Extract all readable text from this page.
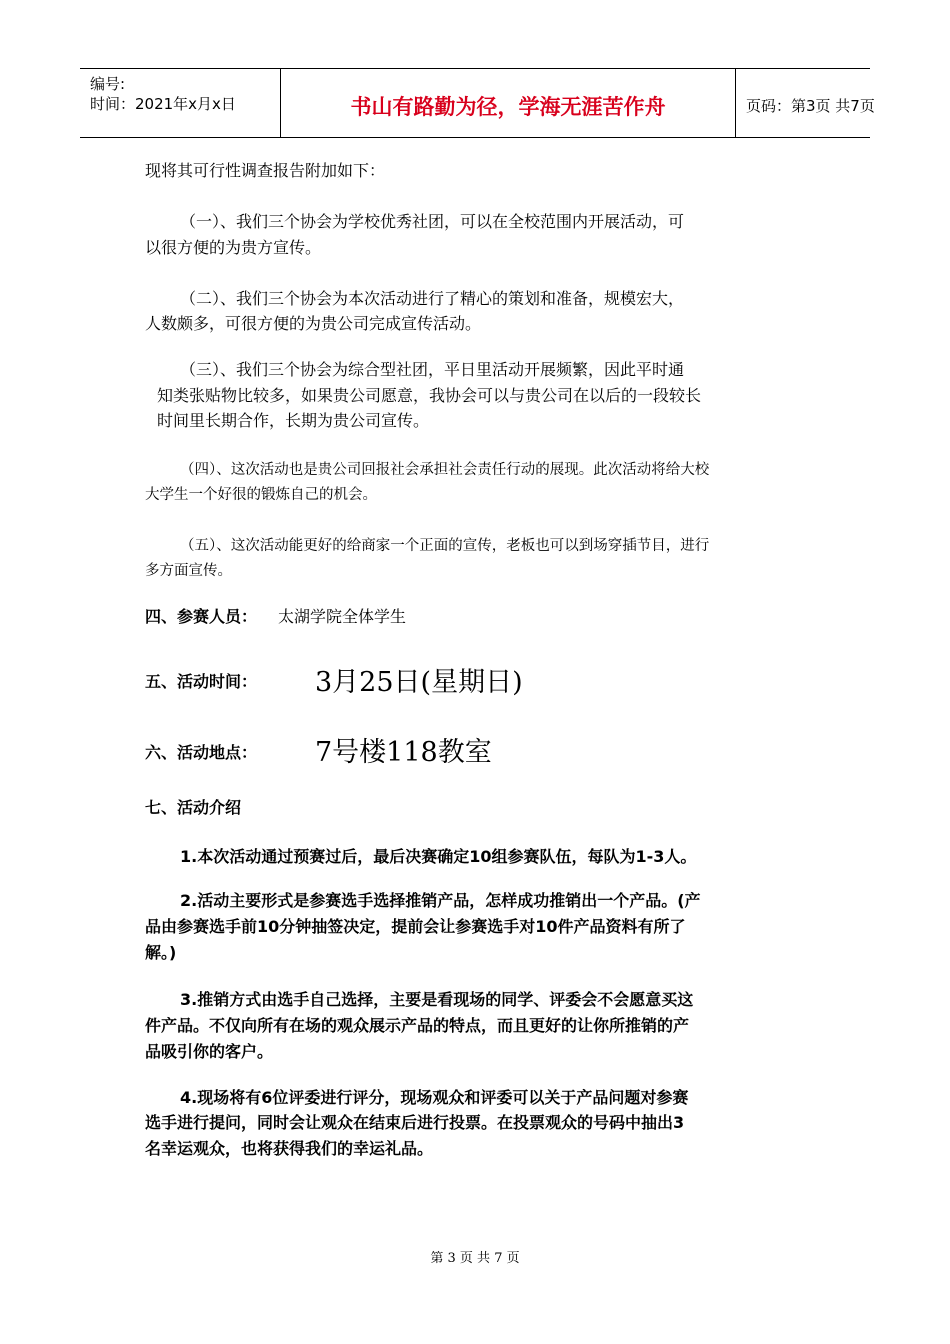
编号:
时间：2021年x月x日	书山有路勤为径，学海无涯苦作舟	页码：第3页 共7页
现将其可行性调查报告附加如下：
（一）、我们三个协会为学校优秀社团，可以在全校范围内开展活动，可
以很方便的为贵方宣传。
（二）、我们三个协会为本次活动进行了精心的策划和准备，规模宏大，
人数颇多，可很方便的为贵公司完成宣传活动。
（三）、我们三个协会为综合型社团，平日里活动开展频繁，因此平时通
知类张贴物比较多，如果贵公司愿意，我协会可以与贵公司在以后的一段较长
时间里长期合作，长期为贵公司宣传。
（四）、这次活动也是贵公司回报社会承担社会责任行动的展现。此次活动将给大校
大学生一个好很的锻炼自己的机会。
（五）、这次活动能更好的给商家一个正面的宣传，老板也可以到场穿插节目，进行
多方面宣传。
四、参赛人员： 太湖学院全体学生
五、活动时间： 3月25日(星期日)
六、活动地点： 7号楼118教室
七、活动介绍
1.本次活动通过预赛过后，最后决赛确定10组参赛队伍，每队为1-3人。
2.活动主要形式是参赛选手选择推销产品，怎样成功推销出一个产品。(产
品由参赛选手前10分钟抽签决定，提前会让参赛选手对10件产品资料有所了
解。)
3.推销方式由选手自己选择，主要是看现场的同学、评委会不会愿意买这
件产品。不仅向所有在场的观众展示产品的特点，而且更好的让你所推销的产
品吸引你的客户。
4.现场将有6位评委进行评分，现场观众和评委可以关于产品问题对参赛
选手进行提问，同时会让观众在结束后进行投票。在投票观众的号码中抽出3
名幸运观众，也将获得我们的幸运礼品。
第 3 页 共 7 页
